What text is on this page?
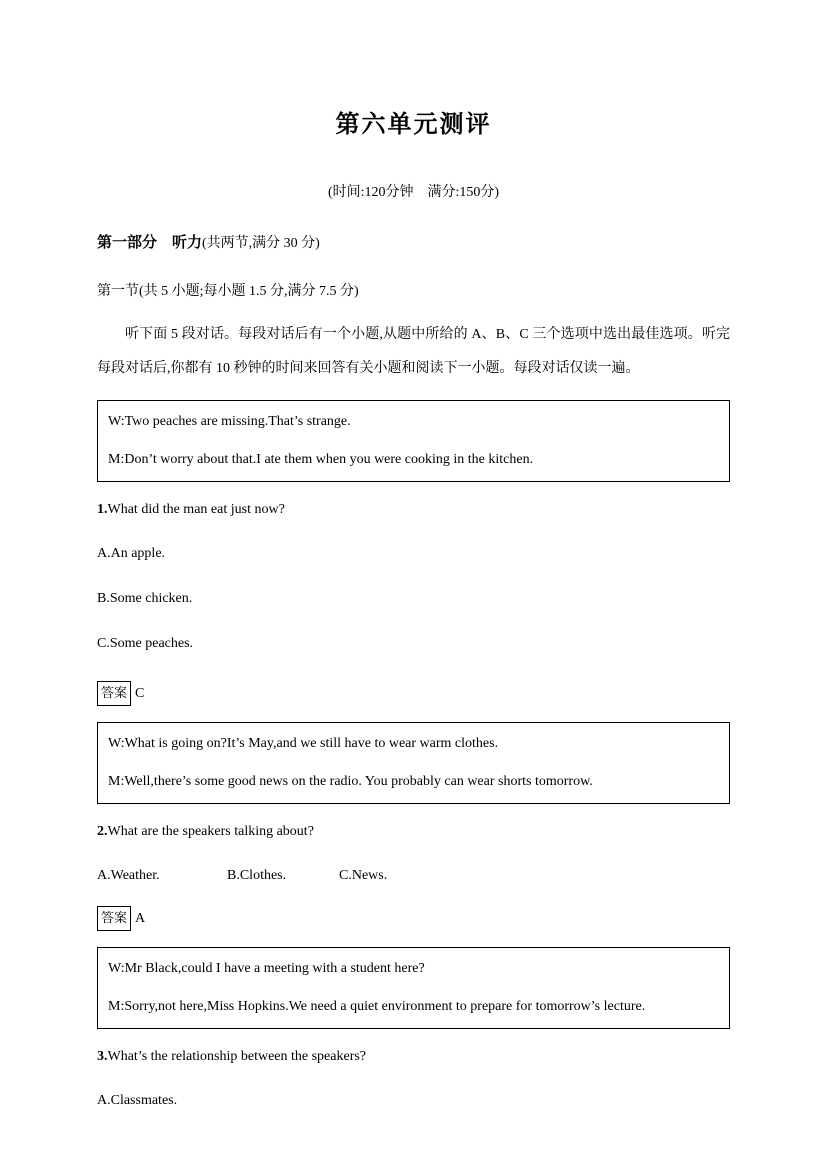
第六单元测评

(时间:120分钟　满分:150分)

第一部分　听力(共两节,满分 30 分)

第一节(共 5 小题;每小题 1.5 分,满分 7.5 分)

听下面 5 段对话。每段对话后有一个小题,从题中所给的 A、B、C 三个选项中选出最佳选项。听完每段对话后,你都有 10 秒钟的时间来回答有关小题和阅读下一小题。每段对话仅读一遍。

W:Two peaches are missing.That’s strange.

M:Don’t worry about that.I ate them when you were cooking in the kitchen.

1.What did the man eat just now?

A.An apple.

B.Some chicken.

C.Some peaches.

答案 C

W:What is going on?It’s May,and we still have to wear warm clothes.

M:Well,there’s some good news on the radio. You probably can wear shorts tomorrow.

2.What are the speakers talking about?

A.Weather.	B.Clothes.	C.News.

答案 A

W:Mr Black,could I have a meeting with a student here?

M:Sorry,not here,Miss Hopkins.We need a quiet environment to prepare for tomorrow’s lecture.

3.What’s the relationship between the speakers?

A.Classmates.
